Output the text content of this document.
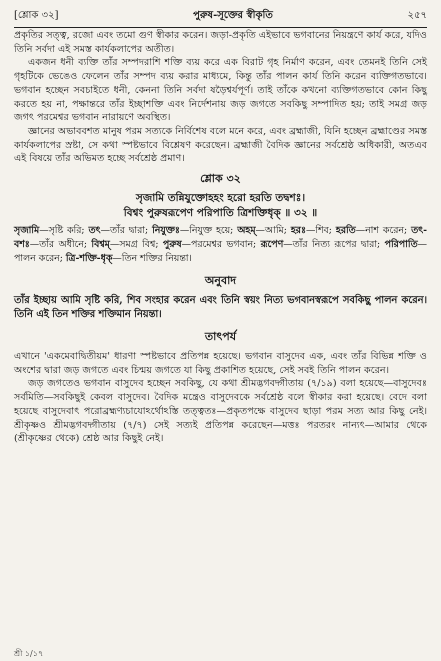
[শ্লোক ৩২]	পুরুষ-সূক্তের স্বীকৃতি	২৫৭

প্রকৃতির সত্ত্ব, রজো এবং তমো গুণ স্বীকার করেন। জড়া-প্রকৃতি এইভাবে ভগবানের নিয়ন্ত্রণে কার্য করে, যদিও তিনি সর্বদা এই সমস্ত কার্যকলাপের অতীত।

একজন ধনী ব্যক্তি তাঁর সম্পদরাশি শক্তি ব্যয় করে এক বিরাট গৃহ নির্মাণ করেন, এবং তেমনই তিনি সেই গৃহটিকে ভেঙেও ফেলেন তাঁর সম্পদ ব্যয় করার মাধ্যমে, কিন্তু তাঁর পালন কার্য তিনি করেন ব্যক্তিগতভাবে। ভগবান হচ্ছেন সবচাইতে ধনী, কেননা তিনি সর্বদা ষড়ৈশ্বর্যপূর্ণ। তাই তাঁকে কখনো ব্যক্তিগতভাবে কোন কিছু করতে হয় না, পক্ষান্তরে তাঁর ইচ্ছাশক্তি এবং নির্দেশনায় জড় জগতে সবকিছু সম্পাদিত হয়; তাই সমগ্র জড় জগৎ পরমেশ্বর ভগবান নারায়ণে অবস্থিত।

জ্ঞানের অভাববশত মানুষ পরম সত্যকে নির্বিশেষ বলে মনে করে, এবং ব্রহ্মাজী, যিনি হচ্ছেন ব্রহ্মাণ্ডের সমস্ত কার্যকলাপের স্রষ্টা, সে কথা স্পষ্টভাবে বিশ্লেষণ করেছেন। ব্রহ্মাজী বৈদিক জ্ঞানের সর্বশ্রেষ্ঠ অধিকারী, অতএব এই বিষয়ে তাঁর অভিমত হচ্ছে সর্বশ্রেষ্ঠ প্রমাণ।

শ্লোক ৩২
সৃজামি তন্নিযুক্তোহহং হরো হরতি তদ্বশঃ।
বিশ্বং পুরুষরূপেণ পরিপাতি ত্রিশক্তিধৃক্ ॥ ৩২ ॥
সৃজামি—সৃষ্টি করি; তৎ—তাঁর দ্বারা; নিযুক্তঃ—নিযুক্ত হয়ে; অহম্—আমি; হরঃ—শিব; হরতি—নাশ করেন; তৎ-বশঃ—তাঁর অধীনে; বিশ্বম্—সমগ্র বিশ্ব; পুরুষ—পরমেশ্বর ভগবান; রূপেণ—তাঁর নিত্য রূপের দ্বারা; পরিপাতি—পালন করেন; ত্রি-শক্তি-ধৃক্—তিন শক্তির নিয়ন্তা।
অনুবাদ

তাঁর ইচ্ছায় আমি সৃষ্টি করি, শিব সংহার করেন এবং তিনি স্বয়ং নিত্য ভগবানস্বরূপে সবকিছু পালন করেন। তিনি এই তিন শক্তির শক্তিমান নিয়ন্তা।

তাৎপর্য

এখানে 'একমেবাদ্বিতীয়ম' ধারণা স্পষ্টভাবে প্রতিপন্ন হয়েছে। ভগবান বাসুদেব এক, এবং তাঁর বিভিন্ন শক্তি ও অংশের দ্বারা জড় জগতে এবং চিন্ময় জগতে যা কিছু প্রকাশিত হয়েছে, সেই সবই তিনি পালন করেন।

জড় জগতেও ভগবান বাসুদেব হচ্ছেন সবকিছু, যে কথা শ্রীমদ্ভগবদ্গীতায় (৭/১৯) বলা হয়েছে—বাসুদেবঃ সর্বমিতি—সবকিছুই কেবল বাসুদেব। বৈদিক মন্ত্রেও বাসুদেবকে সর্বশ্রেষ্ঠ বলে স্বীকার করা হয়েছে। বেদে বলা হয়েছে বাসুদেবাৎ পরোব্রহ্মণ্যচাযোঽর্থোঽস্তি তত্ত্বতঃ—প্রকৃতপক্ষে বাসুদেব ছাড়া পরম সত্য আর কিছু নেই। শ্রীকৃষ্ণও শ্রীমদ্ভগবদ্গীতায় (৭/৭) সেই সত্যই প্রতিপন্ন করেছেন—মত্তঃ পরতরং নান্যৎ—আমার থেকে (শ্রীকৃষ্ণের থেকে) শ্রেষ্ঠ আর কিছুই নেই।

শ্রী ১/১৭
